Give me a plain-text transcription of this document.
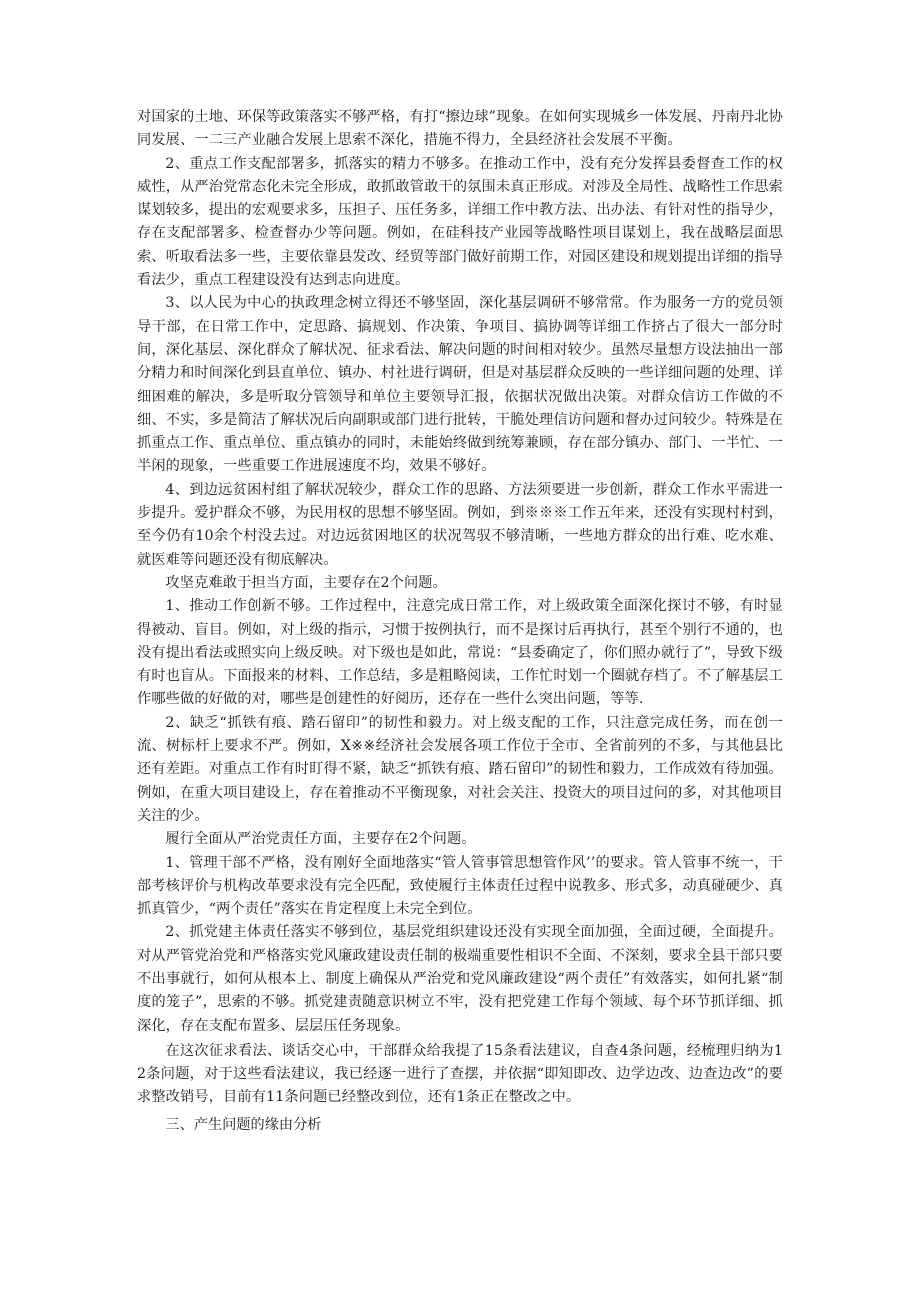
对国家的土地、环保等政策落实不够严格，有打“擦边球”现象。在如何实现城乡一体发展、丹南丹北协同发展、一二三产业融合发展上思索不深化，措施不得力，全县经济社会发展不平衡。

2、重点工作支配部署多，抓落实的精力不够多。在推动工作中，没有充分发挥县委督查工作的权威性，从严治党常态化未完全形成，敢抓敢管敢干的氛围未真正形成。对涉及全局性、战略性工作思索谋划较多，提出的宏观要求多，压担子、压任务多，详细工作中教方法、出办法、有针对性的指导少，存在支配部署多、检查督办少等问题。例如，在硅科技产业园等战略性项目谋划上，我在战略层面思索、听取看法多一些，主要依靠县发改、经贸等部门做好前期工作，对园区建设和规划提出详细的指导看法少，重点工程建设没有达到志向进度。

3、以人民为中心的执政理念树立得还不够坚固，深化基层调研不够常常。作为服务一方的党员领导干部，在日常工作中，定思路、搞规划、作决策、争项目、搞协调等详细工作挤占了很大一部分时间，深化基层、深化群众了解状况、征求看法、解决问题的时间相对较少。虽然尽量想方设法抽出一部分精力和时间深化到县直单位、镇办、村社进行调研，但是对基层群众反映的一些详细问题的处理、详细困难的解决，多是听取分管领导和单位主要领导汇报，依据状况做出决策。对群众信访工作做的不细、不实，多是简洁了解状况后向副职或部门进行批转，干脆处理信访问题和督办过问较少。特殊是在抓重点工作、重点单位、重点镇办的同时，未能始终做到统筹兼顾，存在部分镇办、部门、一半忙、一半闲的现象，一些重要工作进展速度不均，效果不够好。

4、到边远贫困村组了解状况较少，群众工作的思路、方法须要进一步创新，群众工作水平需进一步提升。爱护群众不够，为民用权的思想不够坚固。例如，到※※※工作五年来，还没有实现村村到，至今仍有10余个村没去过。对边远贫困地区的状况驾驭不够清晰，一些地方群众的出行难、吃水难、就医难等问题还没有彻底解决。

攻坚克难敢于担当方面，主要存在2个问题。

1、推动工作创新不够。工作过程中，注意完成日常工作，对上级政策全面深化探讨不够，有时显得被动、盲目。例如，对上级的指示，习惯于按例执行，而不是探讨后再执行，甚至个别行不通的，也没有提出看法或照实向上级反映。对下级也是如此，常说：“县委确定了，你们照办就行了”，导致下级有时也盲从。下面报来的材料、工作总结，多是粗略阅读，工作忙时划一个圈就存档了。不了解基层工作哪些做的好做的对，哪些是创建性的好阅历，还存在一些什么突出问题，等等.

2、缺乏“抓铁有痕、踏石留印”的韧性和毅力。对上级支配的工作，只注意完成任务，而在创一流、树标杆上要求不严。例如，X※※经济社会发展各项工作位于全市、全省前列的不多，与其他县比还有差距。对重点工作有时盯得不紧，缺乏“抓铁有痕、踏石留印”的韧性和毅力，工作成效有待加强。例如，在重大项目建设上，存在着推动不平衡现象，对社会关注、投资大的项目过问的多，对其他项目关注的少。

履行全面从严治党责任方面，主要存在2个问题。

1、管理干部不严格，没有刚好全面地落实“管人管事管思想管作风’’的要求。管人管事不统一，干部考核评价与机构改革要求没有完全匹配，致使履行主体责任过程中说教多、形式多，动真碰硬少、真抓真管少，“两个责任”落实在肯定程度上未完全到位。

2、抓党建主体责任落实不够到位，基层党组织建设还没有实现全面加强，全面过硬，全面提升。对从严管党治党和严格落实党风廉政建设责任制的极端重要性相识不全面、不深刻，要求全县干部只要不出事就行，如何从根本上、制度上确保从严治党和党风廉政建设“两个责任”有效落实，如何扎紧“制度的笼子”，思索的不够。抓党建责随意识树立不牢，没有把党建工作每个领域、每个环节抓详细、抓深化，存在支配布置多、层层压任务现象。

在这次征求看法、谈话交心中，干部群众给我提了15条看法建议，自查4条问题，经梳理归纳为12条问题，对于这些看法建议，我已经逐一进行了查摆，并依据“即知即改、边学边改、边查边改”的要求整改销号，目前有11条问题已经整改到位，还有1条正在整改之中。

三、产生问题的缘由分析
